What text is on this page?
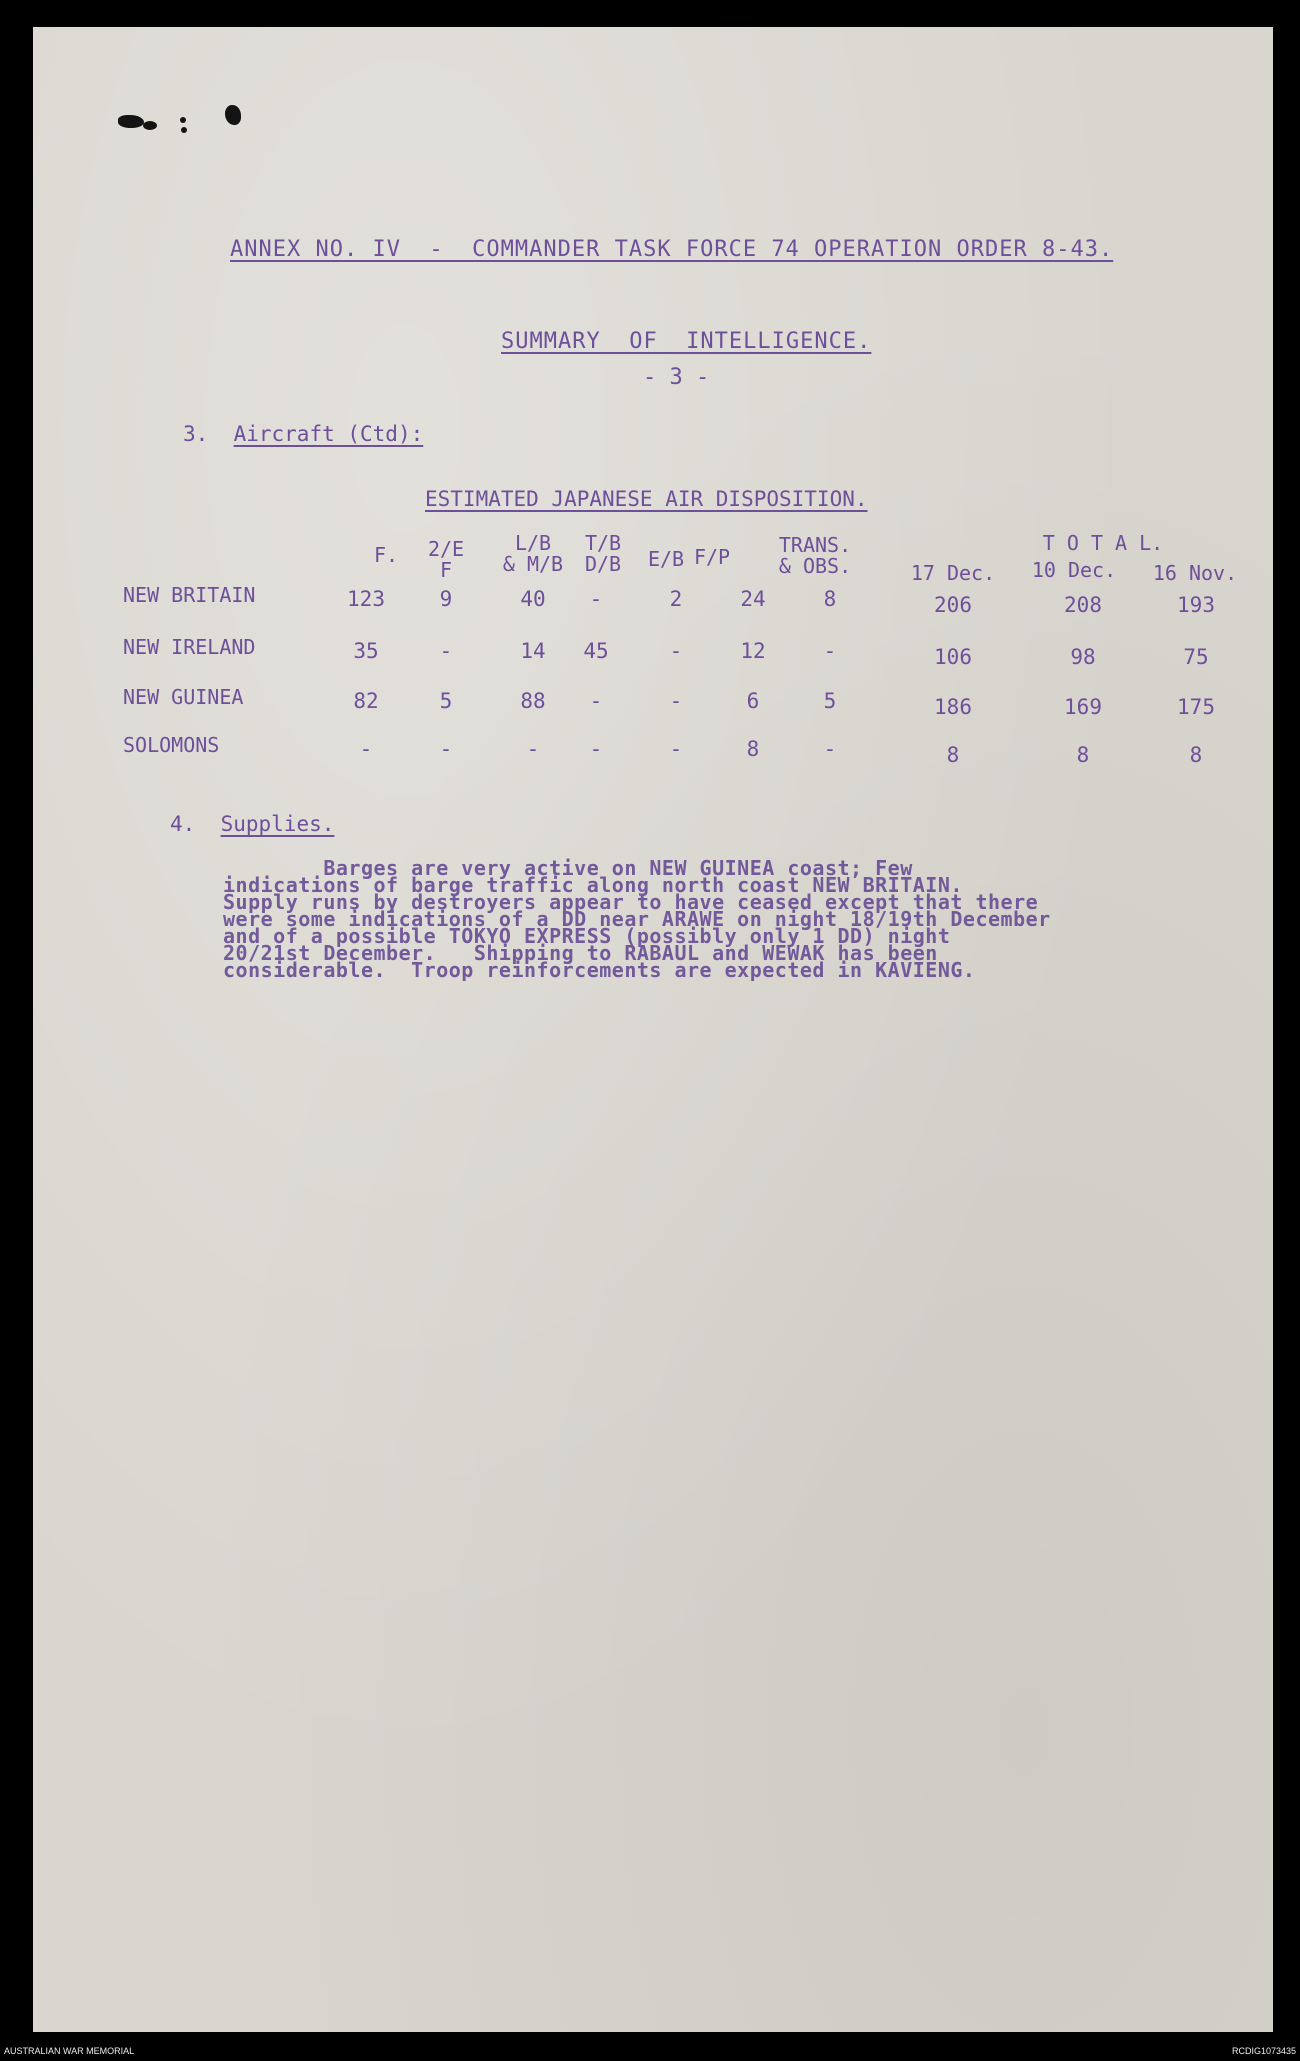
ANNEX NO. IV  -  COMMANDER TASK FORCE 74 OPERATION ORDER 8-43.
SUMMARY  OF  INTELLIGENCE.
- 3 -
3. Aircraft (Ctd):
ESTIMATED JAPANESE AIR DISPOSITION.
F.	2/E
F
L/B
& M/B
T/B
D/B	E/B F/P	TRANS.
& OBS.
T O T A L.
17 Dec.	10 Dec.	16 Nov.
NEW BRITAIN	123	9	40	-	2	24	8	206	208	193
NEW IRELAND	35	-	14	45	-	12	-	106	98	75
NEW GUINEA	82	5	88	-	-	6	5	186	169	175
SOLOMONS	-	-	-	-	-	8	-	8	8	8
4. Supplies.
Barges are very active on NEW GUINEA coast; Few
indications of barge traffic along north coast NEW BRITAIN.
Supply runs by destroyers appear to have ceased except that there
were some indications of a DD near ARAWE on night 18/19th December
and of a possible TOKYO EXPRESS (possibly only 1 DD) night
20/21st December.   Shipping to RABAUL and WEWAK has been
considerable.  Troop reinforcements are expected in KAVIENG.
AUSTRALIAN WAR MEMORIAL	RCDIG1073435
